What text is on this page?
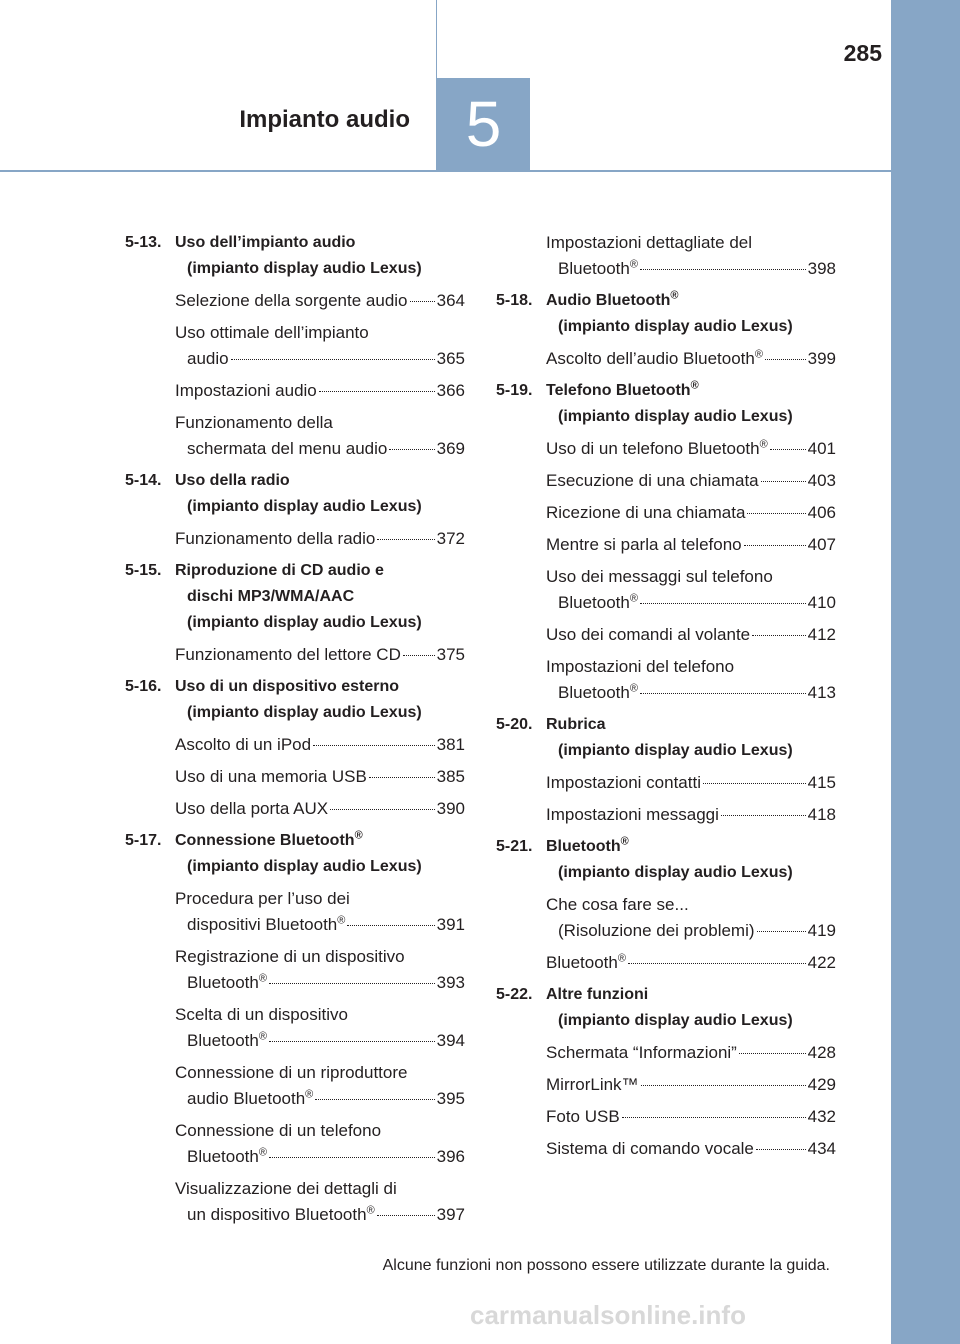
Impianto audio 5
285
5-13. Uso dell’impianto audio
(impianto display audio Lexus)
Selezione della sorgente audio 364
Uso ottimale dell’impianto
audio	365
Impostazioni audio	366
Funzionamento della
schermata del menu audio	369
5-14. Uso della radio
(impianto display audio Lexus)
Funzionamento della radio	372
5-15. Riproduzione di CD audio e
dischi MP3/WMA/AAC
(impianto display audio Lexus)
Funzionamento del lettore CD 375
5-16. Uso di un dispositivo esterno
(impianto display audio Lexus)
Ascolto di un iPod	381
Uso di una memoria USB	385
Uso della porta AUX	390
5-17. Connessione Bluetooth®
(impianto display audio Lexus)
Procedura per l’uso dei
dispositivi Bluetooth®	391
Registrazione di un dispositivo
Bluetooth®	393
Scelta di un dispositivo
Bluetooth®	394
Connessione di un riproduttore
audio Bluetooth®	395
Connessione di un telefono
Bluetooth®	396
Visualizzazione dei dettagli di
un dispositivo Bluetooth®	397
Impostazioni dettagliate del
Bluetooth®	398
5-18. Audio Bluetooth®
(impianto display audio Lexus)
Ascolto dell’audio Bluetooth®	399
5-19. Telefono Bluetooth®
(impianto display audio Lexus)
Uso di un telefono Bluetooth® 401
Esecuzione di una chiamata	403
Ricezione di una chiamata	406
Mentre si parla al telefono	407
Uso dei messaggi sul telefono
Bluetooth®	410
Uso dei comandi al volante	412
Impostazioni del telefono
Bluetooth®	413
5-20. Rubrica
(impianto display audio Lexus)
Impostazioni contatti	415
Impostazioni messaggi	418
5-21. Bluetooth®
(impianto display audio Lexus)
Che cosa fare se...
(Risoluzione dei problemi)	419
Bluetooth®	422
5-22. Altre funzioni
(impianto display audio Lexus)
Schermata “Informazioni”	428
MirrorLink™	429
Foto USB	432
Sistema di comando vocale	434
Alcune funzioni non possono essere utilizzate durante la guida.
carmanualsonline.info
